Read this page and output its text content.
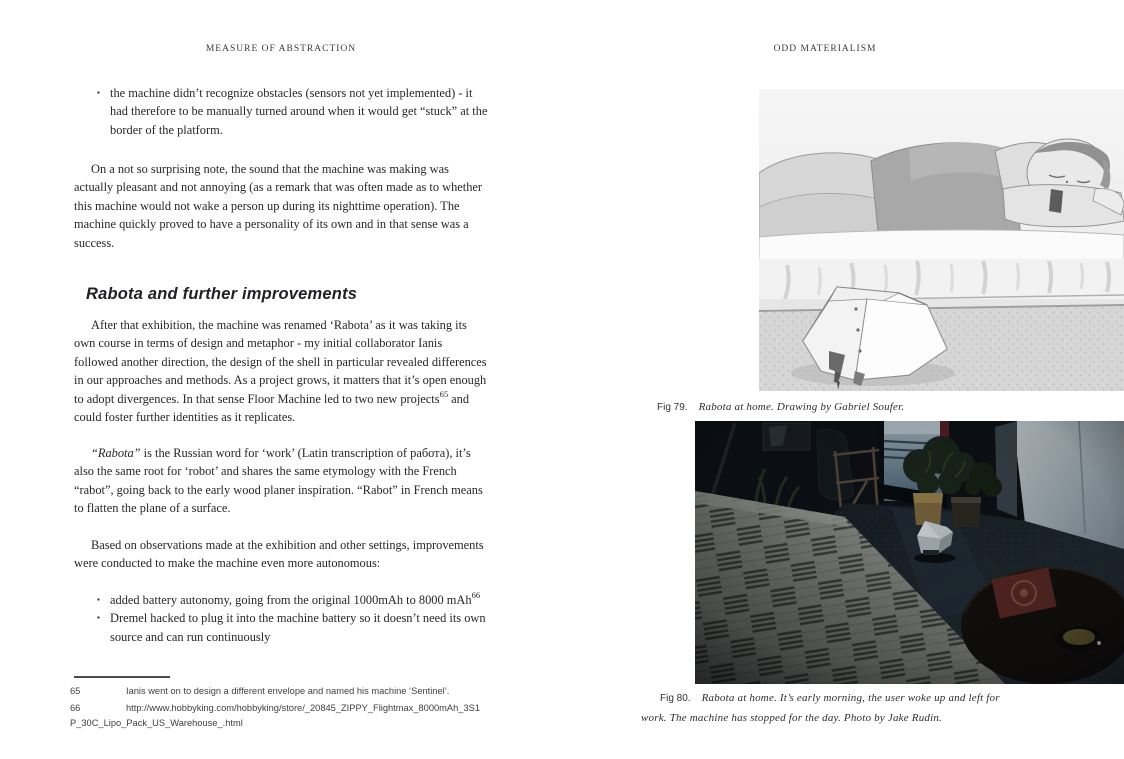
MEASURE OF ABSTRACTION	ODD MATERIALISM
▪ the machine didn’t recognize obstacles (sensors not yet implemented) - it had therefore to be manually turned around when it would get “stuck” at the border of the platform.

On a not so surprising note, the sound that the machine was making was actually pleasant and not annoying (as a remark that was often made as to whether this machine would not wake a person up during its nighttime operation). The machine quickly proved to have a personality of its own and in that sense was a success.

Rabota and further improvements

After that exhibition, the machine was renamed ‘Rabota’ as it was taking its own course in terms of design and metaphor - my initial collaborator Ianis followed another direction, the design of the shell in particular revealed differences in our approaches and methods. As a project grows, it matters that it’s open enough to adopt divergences. In that sense Floor Machine led to two new projects$^{65}$ and could foster further identities as it replicates.

“Rabota” is the Russian word for ‘work’ (Latin transcription of работа), it’s also the same root for ‘robot’ and shares the same etymology with the French “rabot”, going back to the early wood planer inspiration. “Rabot” in French means to flatten the plane of a surface.

Based on observations made at the exhibition and other settings, improvements were conducted to make the machine even more autonomous:

▪ added battery autonomy, going from the original 1000mAh to 8000 mAh$^{66}$
▪ Dremel hacked to plug it into the machine battery so it doesn’t need its own source and can run continuously
65	Ianis went on to design a different envelope and named his machine ‘Sentinel’.
66	http://www.hobbyking.com/hobbyking/store/_20845_ZIPPY_Flightmax_8000mAh_3S1P_30C_Lipo_Pack_US_Warehouse_.html
Fig 79. Rabota at home. Drawing by Gabriel Soufer.
Fig 80. Rabota at home. It’s early morning, the user woke up and left for work. The machine has stopped for the day. Photo by Jake Rudin.
